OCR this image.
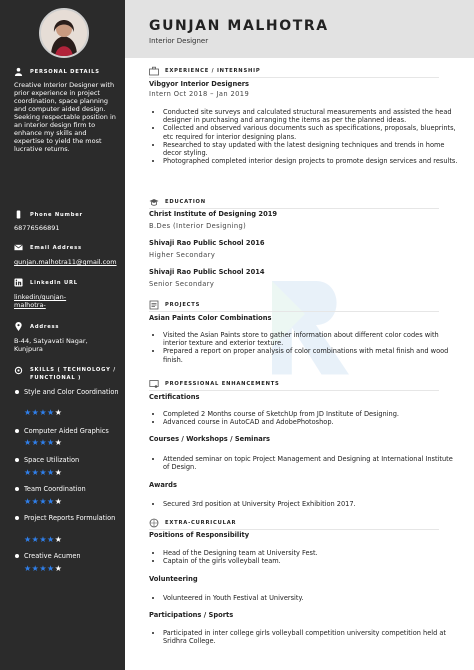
GUNJAN MALHOTRA
Interior Designer
PERSONAL DETAILS
Creative Interior Designer with prior experience in project coordination, space planning and computer aided design. Seeking respectable position in an interior design firm to enhance my skills and expertise to yield the most lucrative returns.
Phone Number
68776566891
Email Address
gunjan.malhotra11@gmail.com
LinkedIn URL
linkedin/gunjan-malhotra-
Address
B-44, Satyavati Nagar, Kunjpura
SKILLS ( TECHNOLOGY / FUNCTIONAL )
Style and Color Coordination
★★★★★
Computer Aided Graphics
★★★★★
Space Utilization
★★★★★
Team Coordination
★★★★★
Project Reports Formulation
★★★★★
Creative Acumen
★★★★★
EXPERIENCE / INTERNSHIP
Vibgyor Interior Designers
Intern Oct 2018 – Jan 2019
• Conducted site surveys and calculated structural measurements and assisted the head designer in purchasing and arranging the items as per the planned ideas.
• Collected and observed various documents such as specifications, proposals, blueprints, etc required for interior designing plans.
• Researched to stay updated with the latest designing techniques and trends in home decor styling.
• Photographed completed interior design projects to promote design services and results.
EDUCATION
Christ Institute of Designing 2019
B.Des (Interior Designing)
Shivaji Rao Public School 2016
Higher Secondary
Shivaji Rao Public School 2014
Senior Secondary
PROJECTS
Asian Paints Color Combinations
• Visited the Asian Paints store to gather information about different color codes with interior texture and exterior texture.
• Prepared a report on proper analysis of color combinations with metal finish and wood finish.
PROFESSIONAL ENHANCEMENTS
Certifications
• Completed 2 Months course of SketchUp from JD Institute of Designing.
• Advanced course in AutoCAD and AdobePhotoshop.
Courses / Workshops / Seminars
• Attended seminar on topic Project Management and Designing at International Institute of Design.
Awards
• Secured 3rd position at University Project Exhibition 2017.
EXTRA-CURRICULAR
Positions of Responsibility
• Head of the Designing team at University Fest.
• Captain of the girls volleyball team.
Volunteering
• Volunteered in Youth Festival at University.
Participations / Sports
• Participated in inter college girls volleyball competition university competition held at Sridhra College.
